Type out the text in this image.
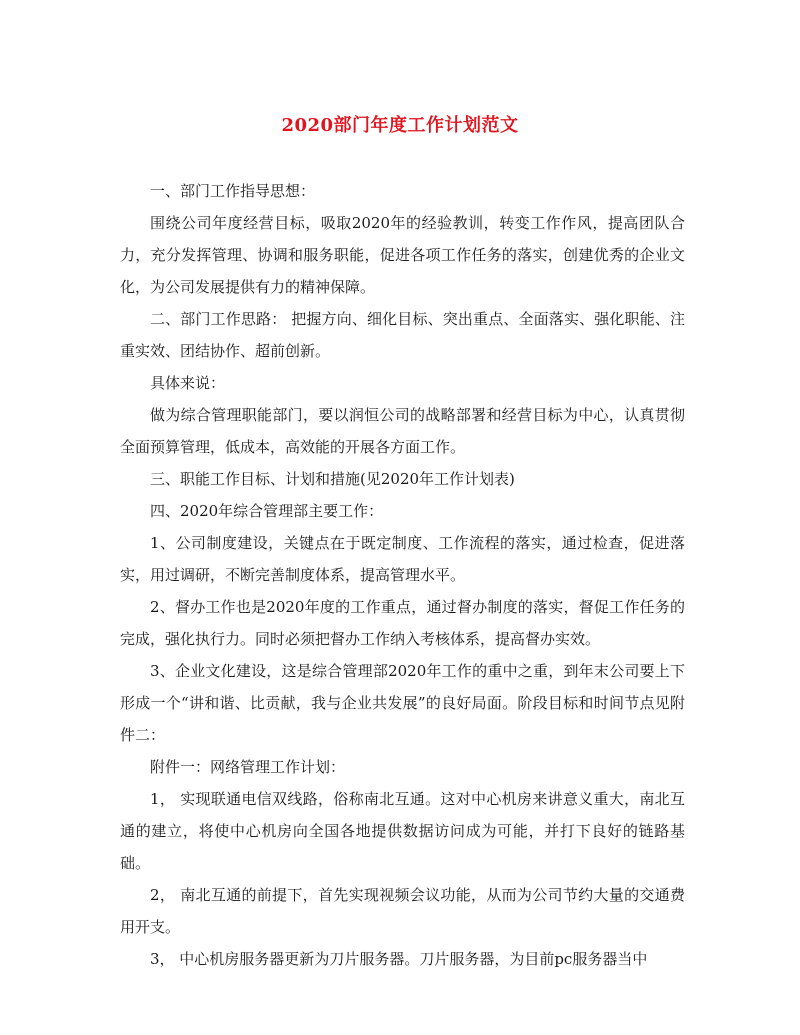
2020部门年度工作计划范文

一、部门工作指导思想：

围绕公司年度经营目标，吸取2020年的经验教训，转变工作作风，提高团队合力，充分发挥管理、协调和服务职能，促进各项工作任务的落实，创建优秀的企业文化，为公司发展提供有力的精神保障。

二、部门工作思路： 把握方向、细化目标、突出重点、全面落实、强化职能、注重实效、团结协作、超前创新。

具体来说：

做为综合管理职能部门，要以润恒公司的战略部署和经营目标为中心，认真贯彻全面预算管理，低成本，高效能的开展各方面工作。

三、职能工作目标、计划和措施(见2020年工作计划表)

四、2020年综合管理部主要工作：

1、公司制度建设，关键点在于既定制度、工作流程的落实，通过检查，促进落实，用过调研，不断完善制度体系，提高管理水平。

2、督办工作也是2020年度的工作重点，通过督办制度的落实，督促工作任务的完成，强化执行力。同时必须把督办工作纳入考核体系，提高督办实效。

3、企业文化建设，这是综合管理部2020年工作的重中之重，到年末公司要上下形成一个“讲和谐、比贡献，我与企业共发展”的良好局面。阶段目标和时间节点见附件二：

附件一：网络管理工作计划：

1， 实现联通电信双线路，俗称南北互通。这对中心机房来讲意义重大，南北互通的建立，将使中心机房向全国各地提供数据访问成为可能，并打下良好的链路基础。

2， 南北互通的前提下，首先实现视频会议功能，从而为公司节约大量的交通费用开支。

3， 中心机房服务器更新为刀片服务器。刀片服务器，为目前pc服务器当中
